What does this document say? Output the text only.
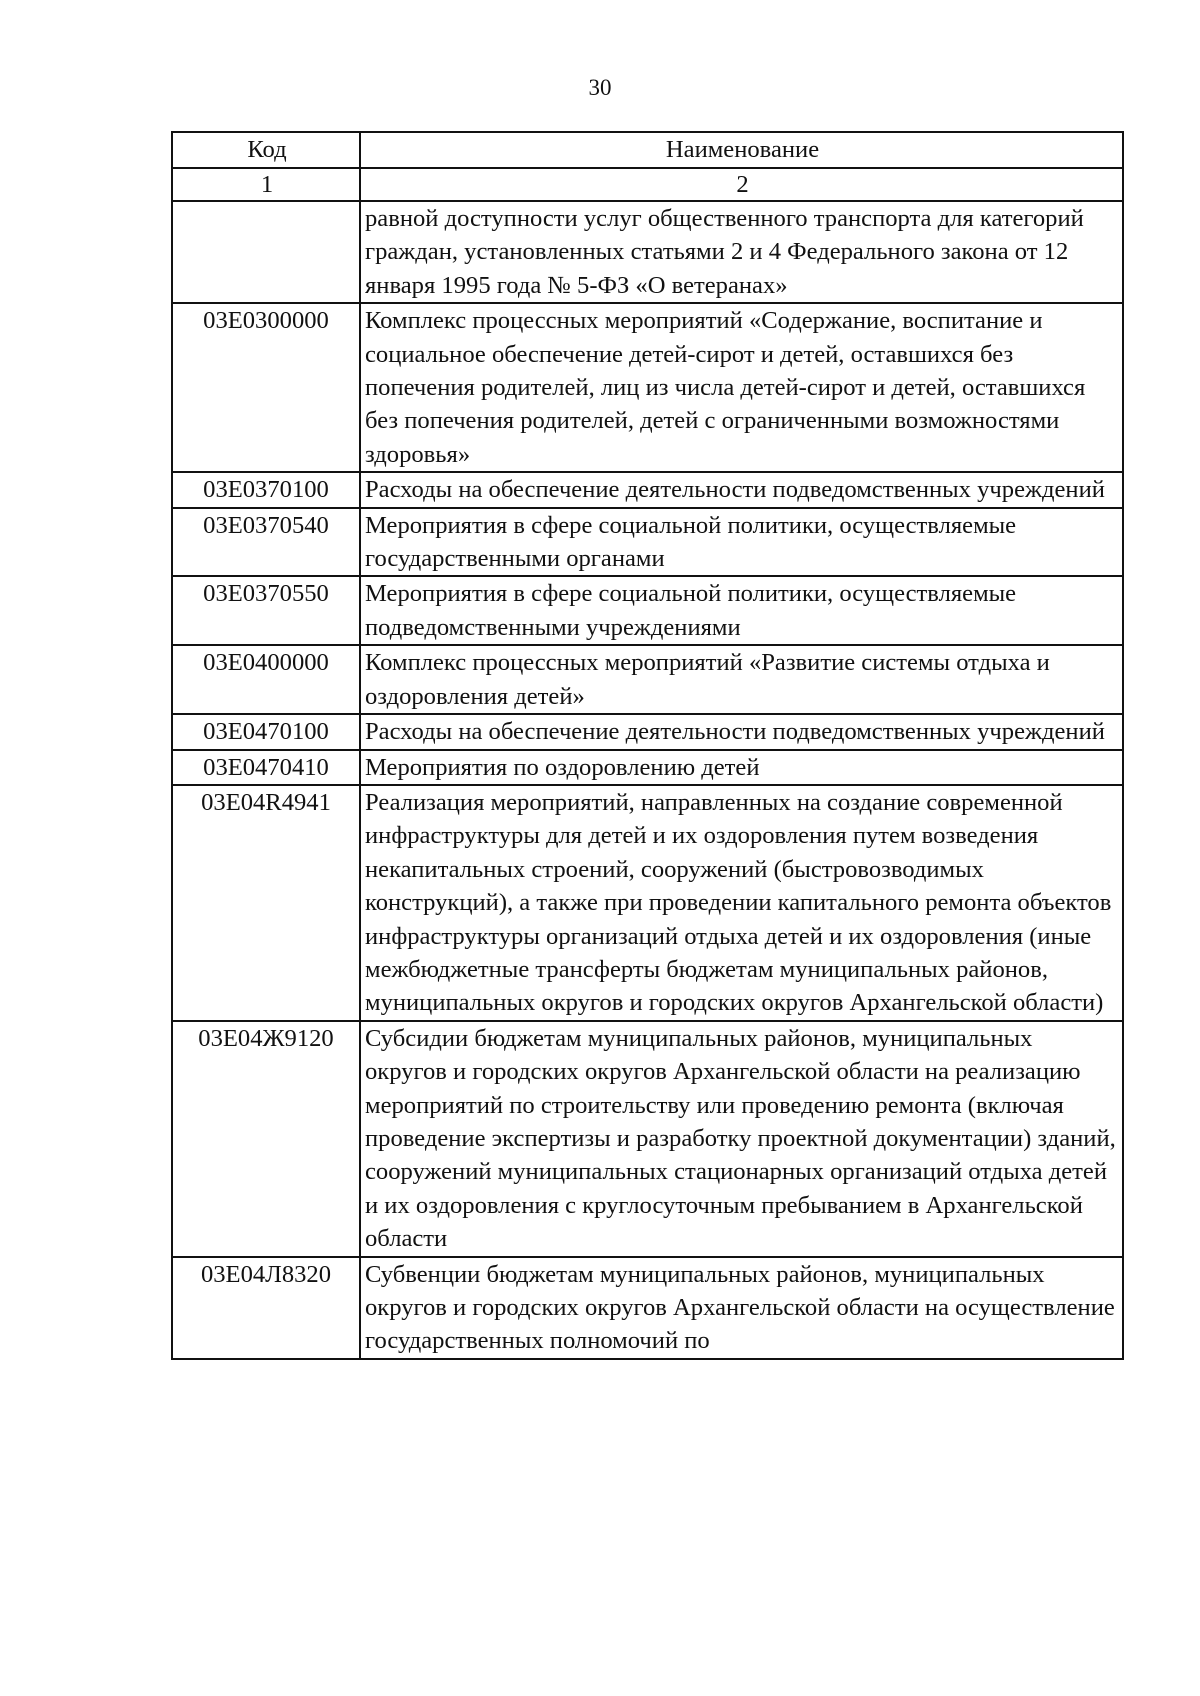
30
Код	Наименование
1	2
	равной доступности услуг общественного транспорта для категорий граждан, установленных статьями 2 и 4 Федерального закона от 12 января 1995 года № 5-ФЗ «О ветеранах»
03Е0300000	Комплекс процессных мероприятий «Содержание, воспитание и социальное обеспечение детей-сирот и детей, оставшихся без попечения родителей, лиц из числа детей-сирот и детей, оставшихся без попечения родителей, детей с ограниченными возможностями здоровья»
03Е0370100	Расходы на обеспечение деятельности подведомственных учреждений
03Е0370540	Мероприятия в сфере социальной политики, осуществляемые государственными органами
03Е0370550	Мероприятия в сфере социальной политики, осуществляемые подведомственными учреждениями
03Е0400000	Комплекс процессных мероприятий «Развитие системы отдыха и оздоровления детей»
03Е0470100	Расходы на обеспечение деятельности подведомственных учреждений
03Е0470410	Мероприятия по оздоровлению детей
03Е04R4941	Реализация мероприятий, направленных на создание современной инфраструктуры для детей и их оздоровления путем возведения некапитальных строений, сооружений (быстровозводимых конструкций), а также при проведении капитального ремонта объектов инфраструктуры организаций отдыха детей и их оздоровления (иные межбюджетные трансферты бюджетам муниципальных районов, муниципальных округов и городских округов Архангельской области)
03Е04Ж9120	Субсидии бюджетам муниципальных районов, муниципальных округов и городских округов Архангельской области на реализацию мероприятий по строительству или проведению ремонта (включая проведение экспертизы и разработку проектной документации) зданий, сооружений муниципальных стационарных организаций отдыха детей и их оздоровления с круглосуточным пребыванием в Архангельской области
03Е04Л8320	Субвенции бюджетам муниципальных районов, муниципальных округов и городских округов Архангельской области на осуществление государственных полномочий по
